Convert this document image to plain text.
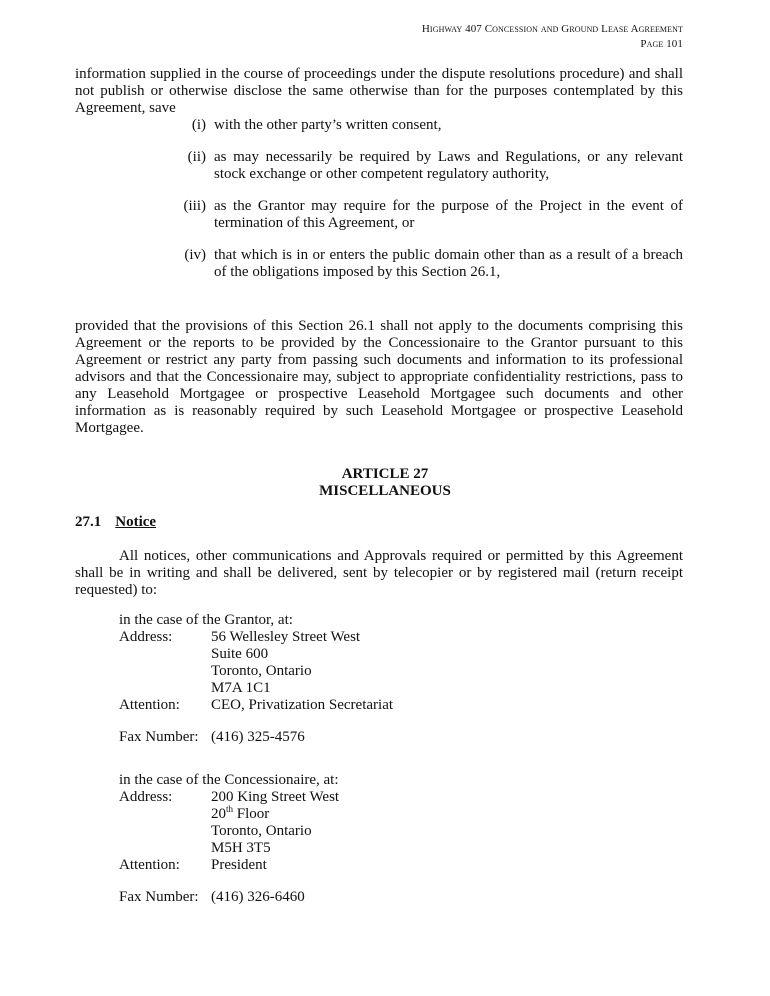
Highway 407 Concession and Ground Lease Agreement
Page 101
information supplied in the course of proceedings under the dispute resolutions procedure) and shall not publish or otherwise disclose the same otherwise than for the purposes contemplated by this Agreement, save
(i) with the other party’s written consent,
(ii) as may necessarily be required by Laws and Regulations, or any relevant stock exchange or other competent regulatory authority,
(iii) as the Grantor may require for the purpose of the Project in the event of termination of this Agreement, or
(iv) that which is in or enters the public domain other than as a result of a breach of the obligations imposed by this Section 26.1,
provided that the provisions of this Section 26.1 shall not apply to the documents comprising this Agreement or the reports to be provided by the Concessionaire to the Grantor pursuant to this Agreement or restrict any party from passing such documents and information to its professional advisors and that the Concessionaire may, subject to appropriate confidentiality restrictions, pass to any Leasehold Mortgagee or prospective Leasehold Mortgagee such documents and other information as is reasonably required by such Leasehold Mortgagee or prospective Leasehold Mortgagee.
ARTICLE 27
MISCELLANEOUS
27.1 Notice
All notices, other communications and Approvals required or permitted by this Agreement shall be in writing and shall be delivered, sent by telecopier or by registered mail (return receipt requested) to:
in the case of the Grantor, at:
Address:	56 Wellesley Street West
Suite 600
Toronto, Ontario
M7A 1C1
Attention:	CEO, Privatization Secretariat
Fax Number: (416) 325-4576
in the case of the Concessionaire, at:
Address:	200 King Street West
20th Floor
Toronto, Ontario
M5H 3T5
Attention:	President
Fax Number: (416) 326-6460
